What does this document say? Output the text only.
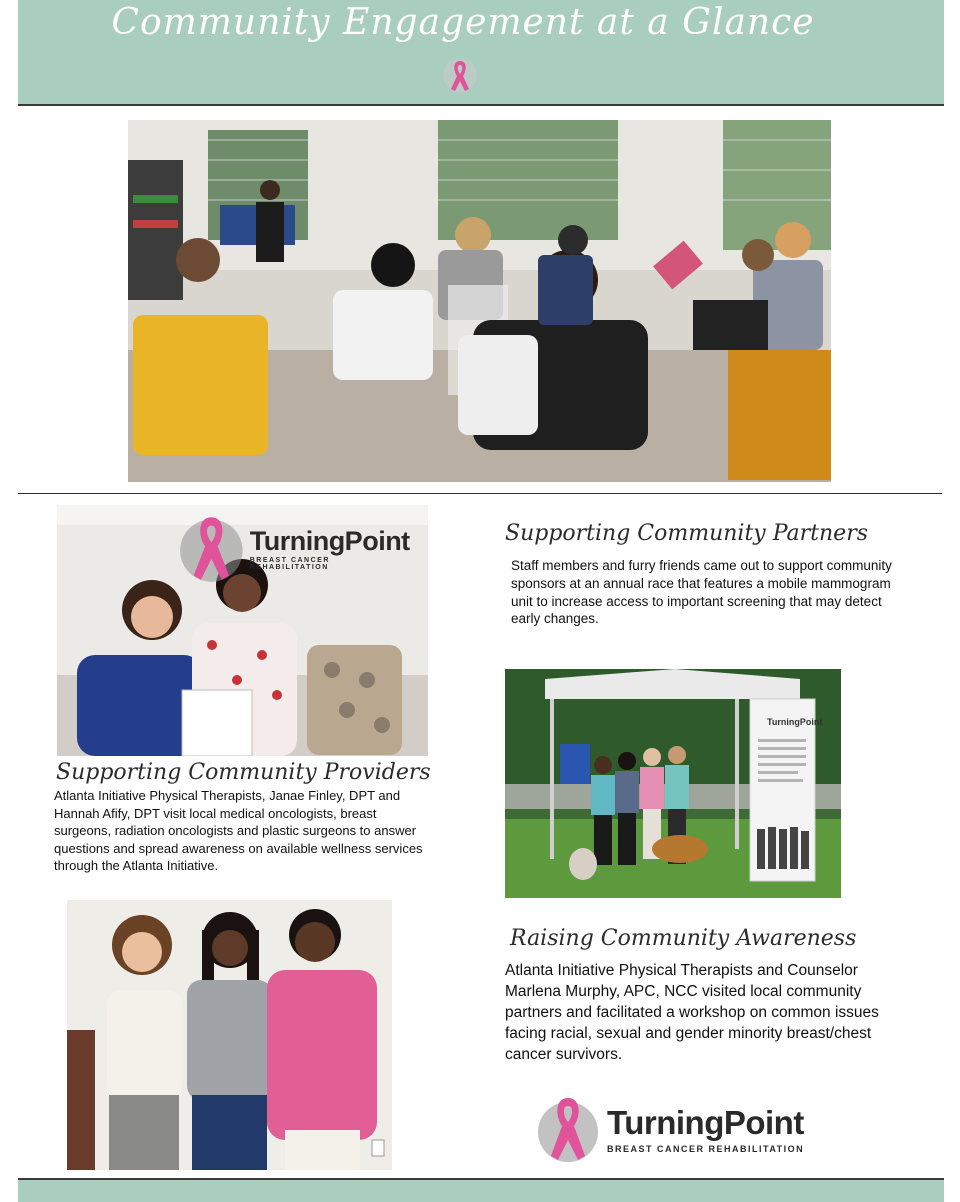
Community Engagement at a Glance
TurningPoint
BREAST CANCER REHABILITATION
Supporting Community Providers
Atlanta Initiative Physical Therapists, Janae Finley, DPT and Hannah Afify, DPT visit local medical oncologists, breast surgeons, radiation oncologists and plastic surgeons to answer questions and spread awareness on available wellness services through the Atlanta Initiative.
Supporting Community Partners
Staff members and furry friends came out to support community sponsors at an annual race that features a mobile mammogram unit to increase access to important screening that may detect early changes.
TurningPoint
Raising Community Awareness
Atlanta Initiative Physical Therapists and Counselor Marlena Murphy, APC, NCC visited local community partners and facilitated a workshop on common issues facing racial, sexual and gender minority breast/chest cancer survivors.
TurningPoint
BREAST CANCER REHABILITATION
